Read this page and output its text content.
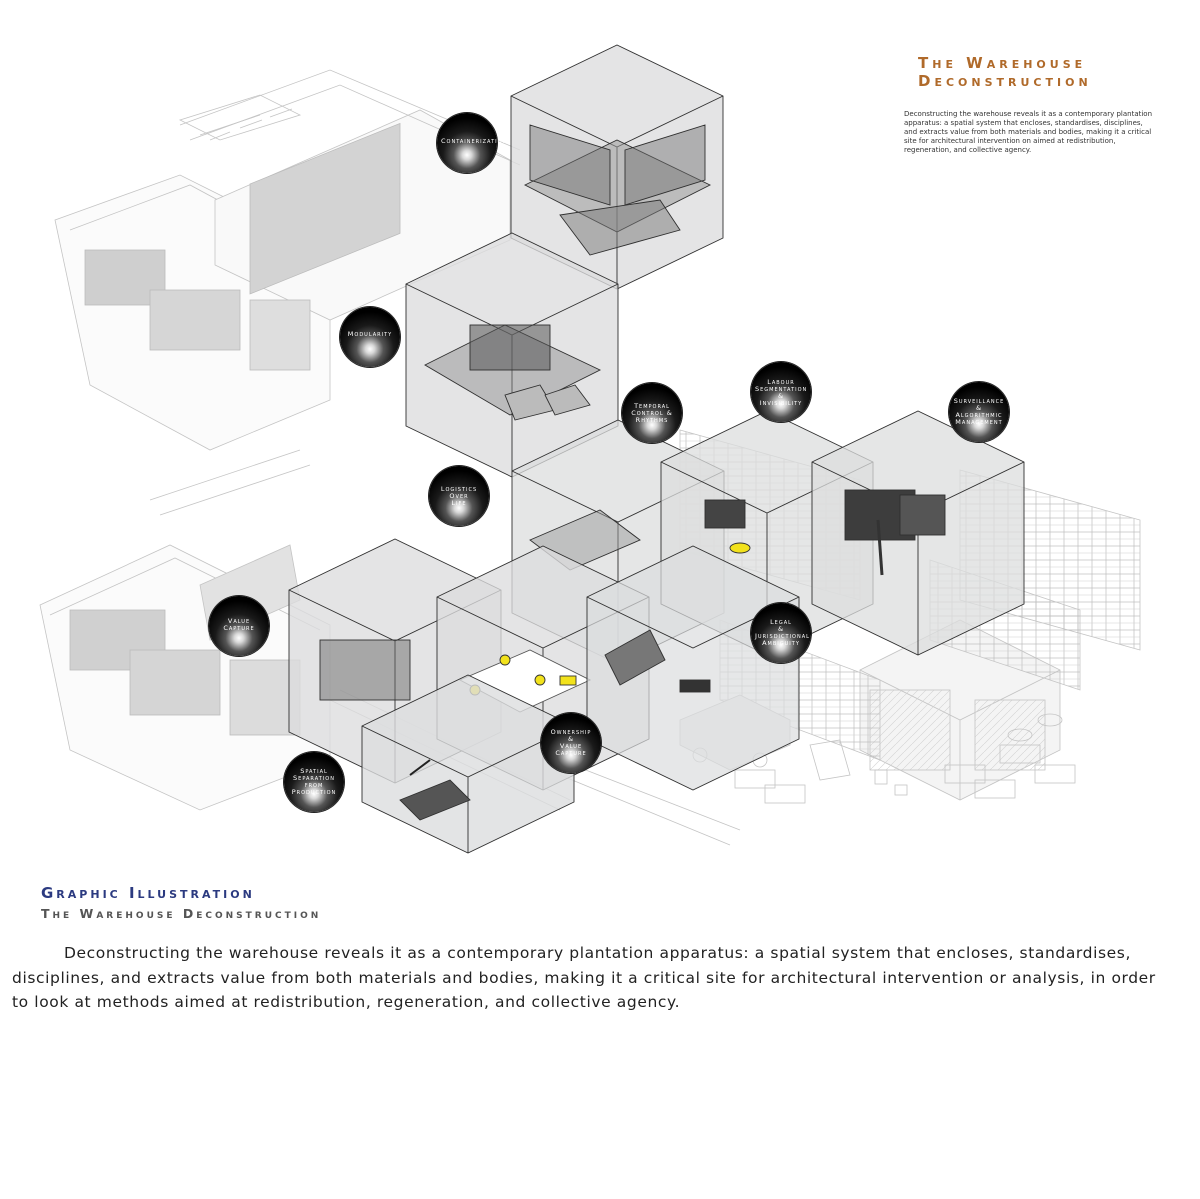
The Warehouse
Deconstruction

Deconstructing the warehouse reveals it as a contemporary plantation apparatus: a spatial system that encloses, standardises, disciplines, and extracts value from both materials and bodies, making it a critical site for architectural intervention on aimed at redistribution, regeneration, and collective agency.

Containerization
Modularity
Temporal
Control &
Rhythms
Labour
Segmentation
&
Invisibility	Surveillance
&
Algorithmic
Management
Logistics
Over
Life
Value
Capture
Legal
&
Jurisdictional
Ambiguity
Ownership
&
Value
Capture
Spatial
Separation
from
Production
Graphic Illustration
The Warehouse Deconstruction

Deconstructing the warehouse reveals it as a contemporary plantation apparatus: a spatial system that encloses, standardises, disciplines, and extracts value from both materials and bodies, making it a critical site for architectural intervention or analysis, in order to look at methods aimed at redistribution, regeneration, and collective agency.
